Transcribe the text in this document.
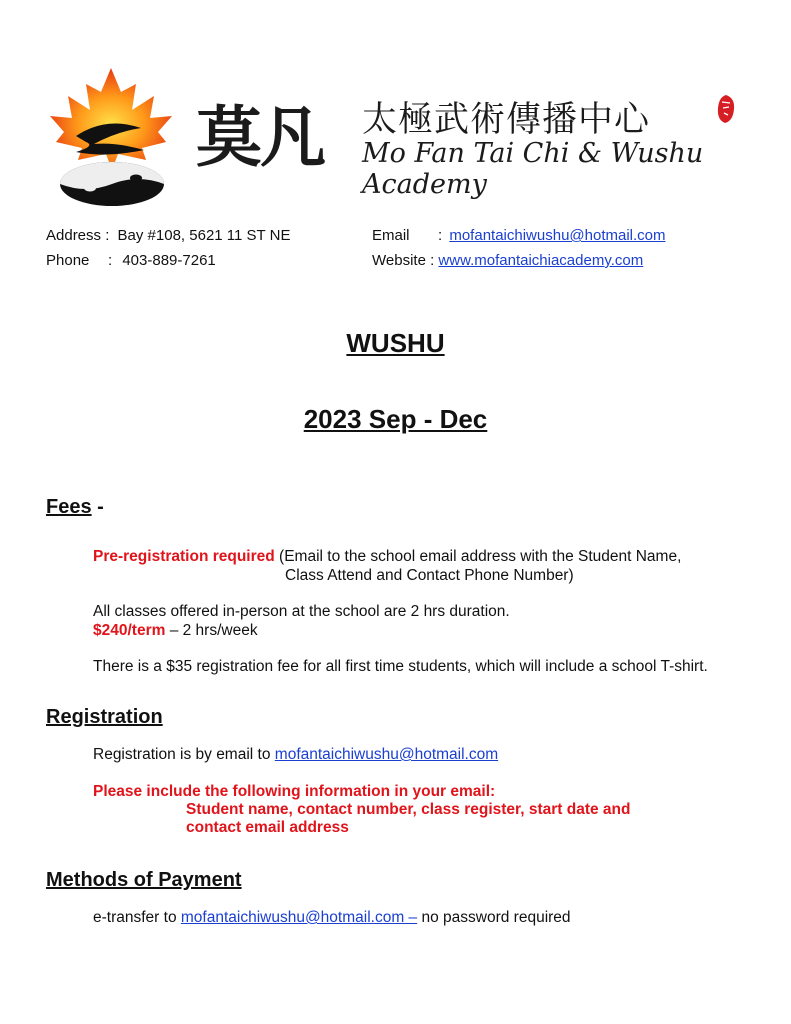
莫凡 太極武術傳播中心
Mo Fan Tai Chi & Wushu Academy
Address : Bay #108, 5621 11 ST NE
Phone : 403-889-7261
Email : mofantaichiwushu@hotmail.com
Website : www.mofantaichiacademy.com
WUSHU
2023 Sep - Dec
Fees -
Pre-registration required (Email to the school email address with the Student Name,
Class Attend and Contact Phone Number)
All classes offered in-person at the school are 2 hrs duration.
$240/term – 2 hrs/week
There is a $35 registration fee for all first time students, which will include a school T-shirt.
Registration
Registration is by email to mofantaichiwushu@hotmail.com
Please include the following information in your email:
Student name, contact number, class register, start date and
contact email address
Methods of Payment
e-transfer to mofantaichiwushu@hotmail.com – no password required
